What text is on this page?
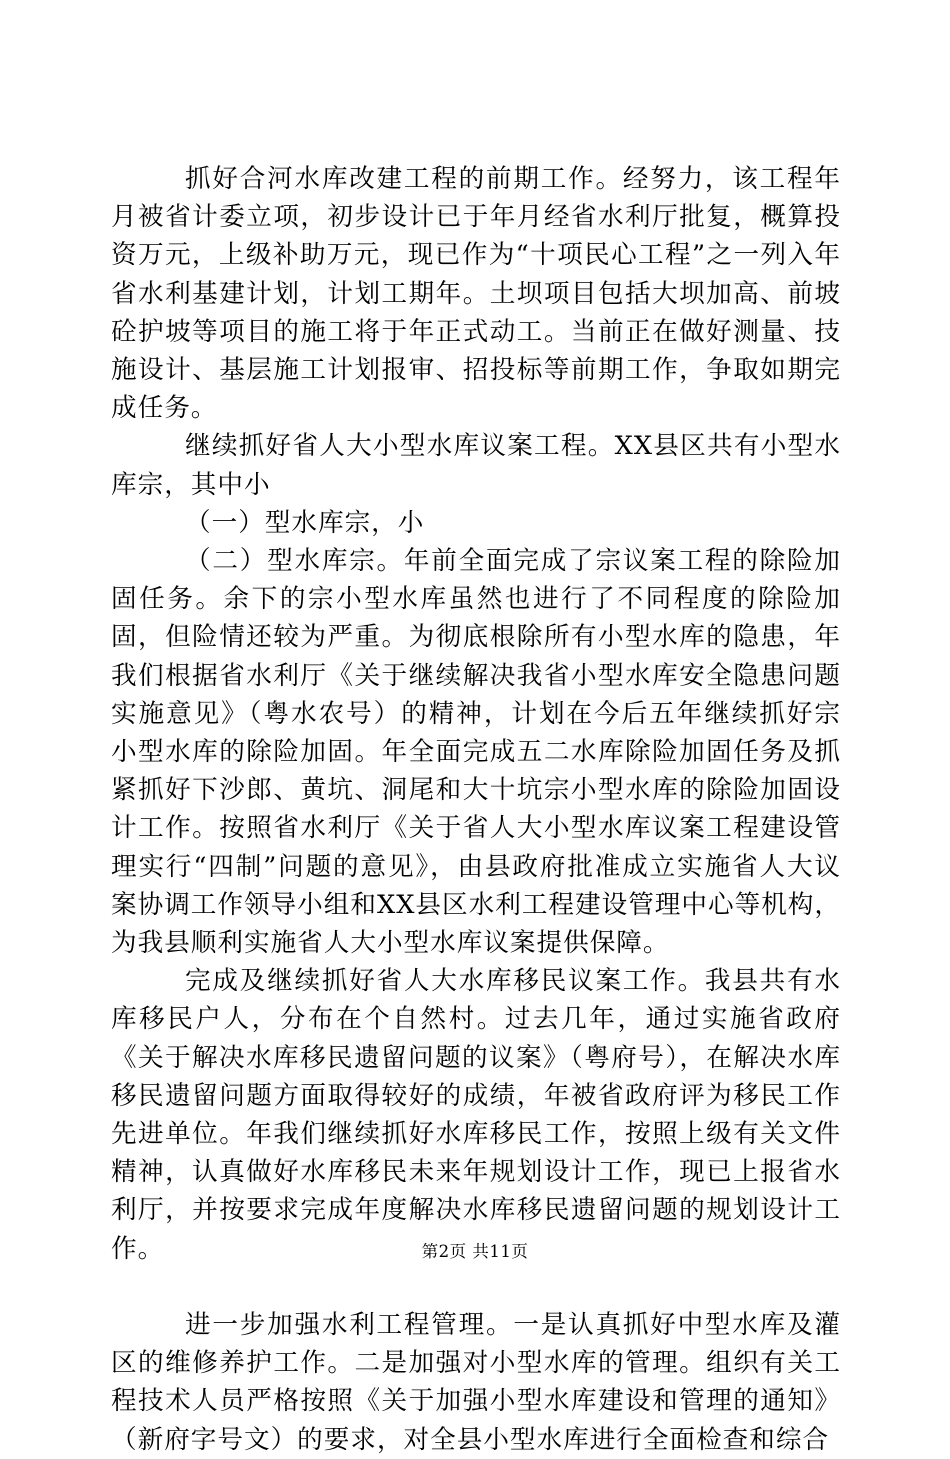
抓好合河水库改建工程的前期工作。经努力，该工程年月被省计委立项，初步设计已于年月经省水利厅批复，概算投资万元，上级补助万元，现已作为“十项民心工程”之一列入年省水利基建计划，计划工期年。土坝项目包括大坝加高、前坡砼护坡等项目的施工将于年正式动工。当前正在做好测量、技施设计、基层施工计划报审、招投标等前期工作，争取如期完成任务。

继续抓好省人大小型水库议案工程。XX县区共有小型水库宗，其中小

（一）型水库宗，小

（二）型水库宗。年前全面完成了宗议案工程的除险加固任务。余下的宗小型水库虽然也进行了不同程度的除险加固，但险情还较为严重。为彻底根除所有小型水库的隐患，年我们根据省水利厅《关于继续解决我省小型水库安全隐患问题实施意见》（粤水农号）的精神，计划在今后五年继续抓好宗小型水库的除险加固。年全面完成五二水库除险加固任务及抓紧抓好下沙郎、黄坑、洞尾和大十坑宗小型水库的除险加固设计工作。按照省水利厅《关于省人大小型水库议案工程建设管理实行“四制”问题的意见》，由县政府批准成立实施省人大议案协调工作领导小组和XX县区水利工程建设管理中心等机构，为我县顺利实施省人大小型水库议案提供保障。

完成及继续抓好省人大水库移民议案工作。我县共有水库移民户人，分布在个自然村。过去几年，通过实施省政府《关于解决水库移民遗留问题的议案》（粤府号），在解决水库移民遗留问题方面取得较好的成绩，年被省政府评为移民工作先进单位。年我们继续抓好水库移民工作，按照上级有关文件精神，认真做好水库移民未来年规划设计工作，现已上报省水利厅，并按要求完成年度解决水库移民遗留问题的规划设计工作。

进一步加强水利工程管理。一是认真抓好中型水库及灌区的维修养护工作。二是加强对小型水库的管理。组织有关工程技术人员严格按照《关于加强小型水库建设和管理的通知》（新府字号文）的要求，对全县小型水库进行全面检查和综合

第2页 共11页
